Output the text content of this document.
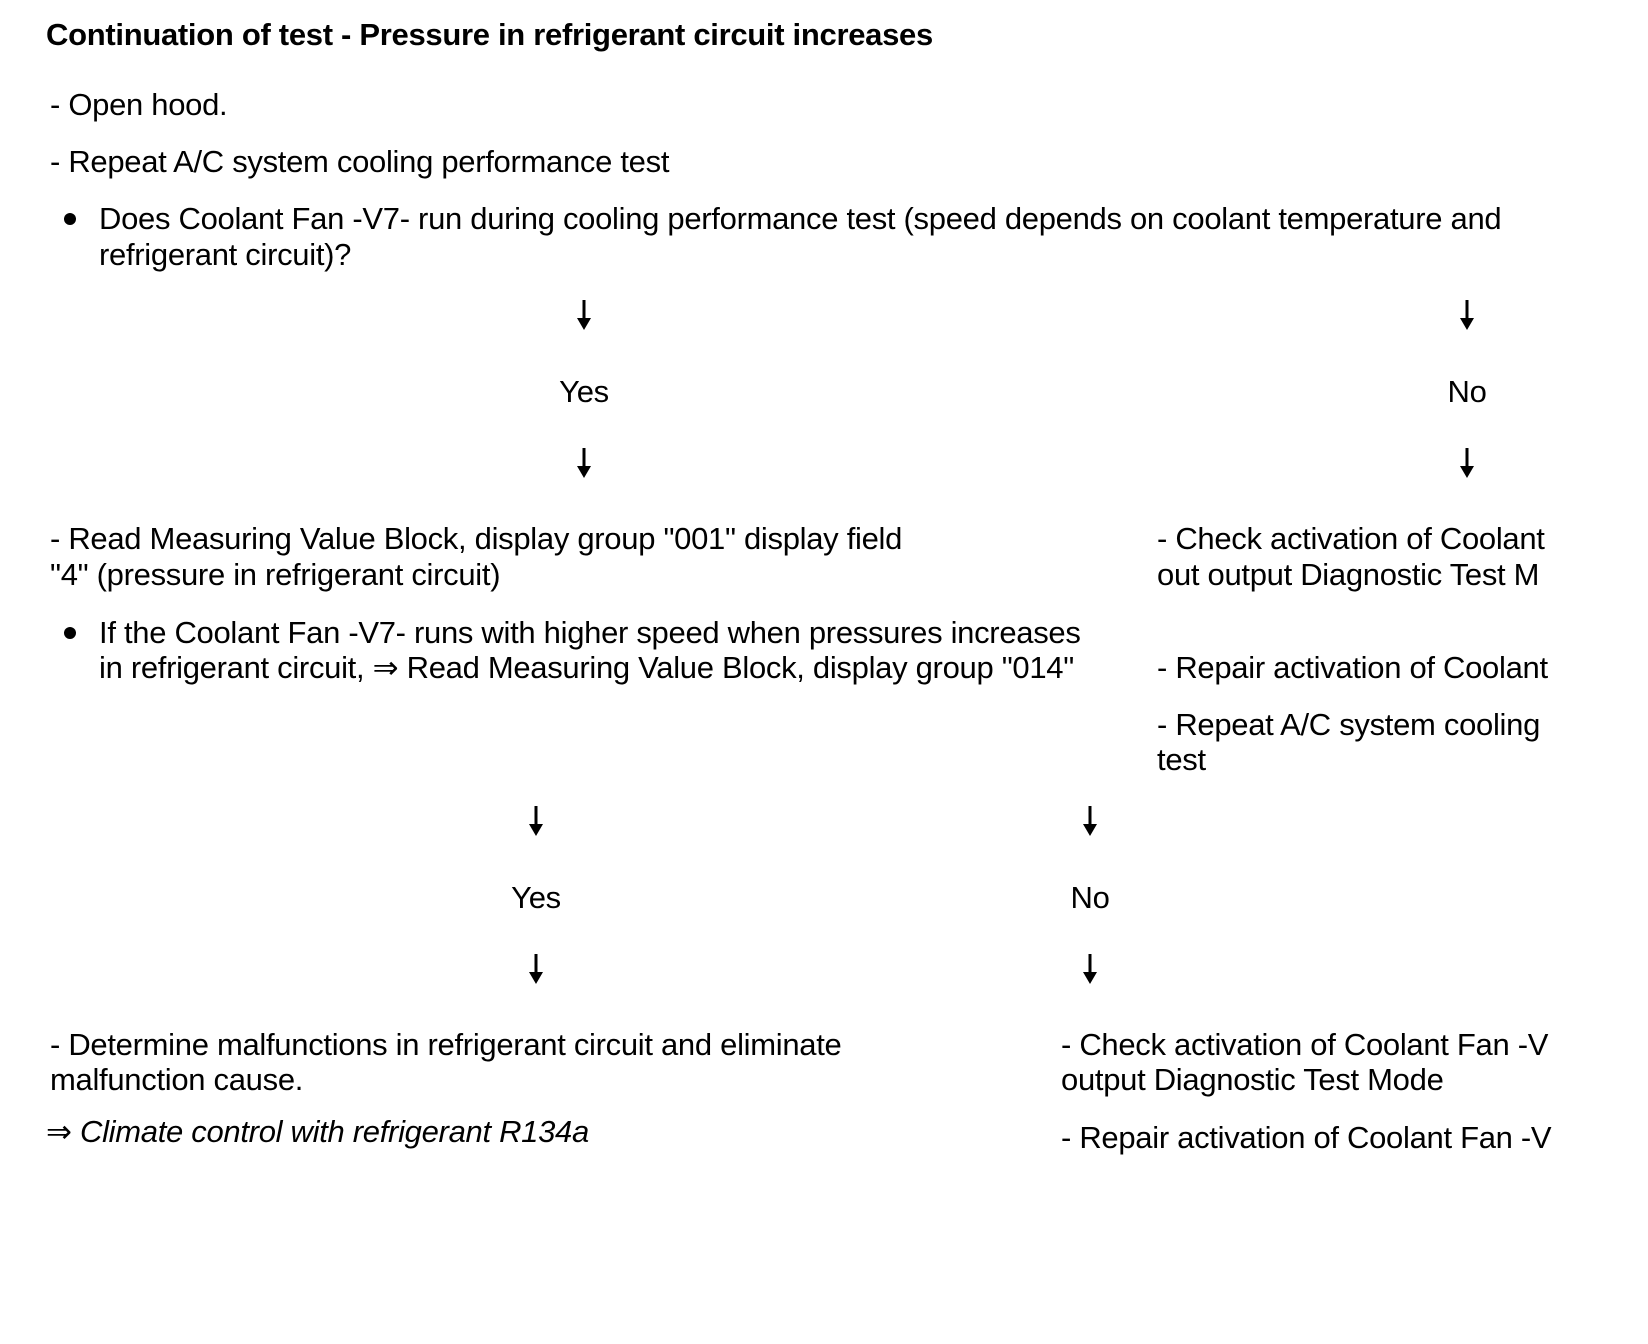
Continuation of test - Pressure in refrigerant circuit increases
- Open hood.
- Repeat A/C system cooling performance test
Does Coolant Fan -V7- run during cooling performance test (speed depends on coolant temperature and
refrigerant circuit)?
Yes	No
- Read Measuring Value Block, display group "001" display field
"4" (pressure in refrigerant circuit)
If the Coolant Fan -V7- runs with higher speed when pressures increases
in refrigerant circuit, ⇒ Read Measuring Value Block, display group "014"
- Check activation of Coolant
out output Diagnostic Test M
- Repair activation of Coolant
- Repeat A/C system cooling
test
Yes	No
- Determine malfunctions in refrigerant circuit and eliminate
malfunction cause.
⇒ Climate control with refrigerant R134a
- Check activation of Coolant Fan -V
output Diagnostic Test Mode
- Repair activation of Coolant Fan -V
